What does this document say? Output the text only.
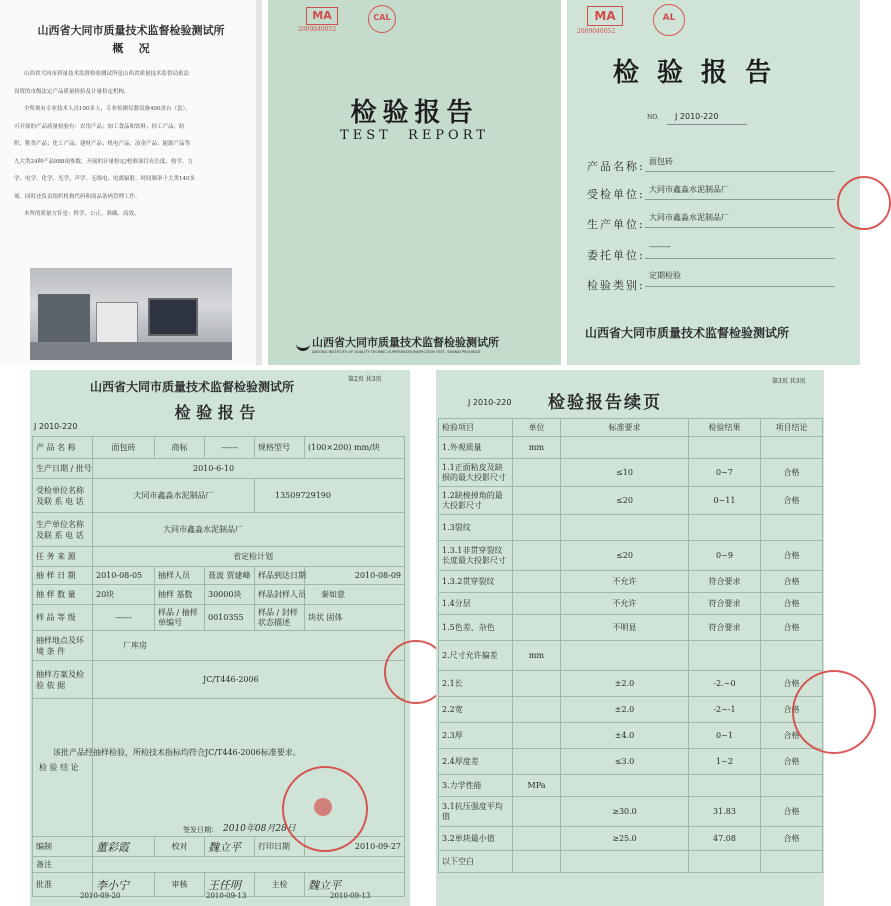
山西省大同市质量技术监督检验测试所
概    况
山西省大同市质量技术监督检验测试所是山西省质量技术监督局依法
设置的市级法定产品质量检验及计量检定机构。
全所现有专业技术人员100多人，专业检测仪器设备400余台（套），
可开展的产品质量检验有：农用产品；加工食品和饮料；轻工产品；纺
织、鞋类产品；化工产品；建材产品；机电产品；冶金产品；能源产品等
九大类24种产品988项参数。开展的计量检定/校准项目有长度、热学、力
学、电学、化学、光学、声学、无线电、电离辐射、时间频率十大类140多
项。同时还负责组织机构代码和商品条码管理工作。
本所的质量方针是：科学、公正、准确、高效。
MA
2009040052
CAL
检验报告
TEST  REPORT
山西省大同市质量技术监督检验测试所
DATONG INSTITUTE OF QUALITY TECHNIC SUPERVISION INSPECTION TEST, SHANXI PROVINCE
MA
2009040052
AL
检  验  报  告
NO. J 2010-220
产品名称: 面包砖
受检单位: 大同市鑫淼水泥制品厂
生产单位:
大同市鑫淼水泥制品厂
委托单位:
--------
检验类别:
定期检验
山西省大同市质量技术监督检验测试所
山西省大同市质量技术监督检验测试所
第2页 共3页
检 验 报 告
J 2010-220
产 品 名 称	面包砖	商标	------	规格型号	(100×200) mm/块
生产日期 / 批号	2010-6-10				
受检单位名称及联 系 电 话	大同市鑫淼水泥制品厂			13509729190	
生产单位名称及联 系 电 话	大同市鑫淼水泥制品厂				
任 务 来 源	省定检计划				
抽 样 日 期	2010-08-05	抽样人员	聂波 贾建峰	样品到达日期	2010-08-09
抽 样 数 量	20块	抽样 基数	30000块	样品封样人员	秦如意
样 品 等 级	------	样品 / 抽样单编号	0010355	样品 / 封样状态描述	块状 固体
抽样地点及环 境 条 件	厂库房				
抽样方案及检 验 依 据	JC/T446-2006				
检 验 结 论	该批产品经抽样检验，所检技术指标均符合JC/T446-2006标准要求。
签发日期： 2010年08月28日				

编制	董彩霞	校对	魏立平	打印日期	2010-09-27
备注					
批准	李小宁	审核	王任明	主检	魏立平
2010-09-20	2010-09-13	2010-09-13
J 2010-220 检验报告续页
第3页 共3页
检验项目	单位	标准要求	检验结果	项目结论
1.外观质量	mm			
1.1正面粘皮及缺损的最大投影尺寸		≤10	0~7	合格
1.2缺棱掉角的最大投影尺寸		≤20	0~11	合格
1.3裂纹				
1.3.1非贯穿裂纹长度最大投影尺寸		≤20	0~9	合格
1.3.2贯穿裂纹		不允许	符合要求	合格
1.4分层		不允许	符合要求	合格
1.5色差、杂色		不明显	符合要求	合格
2.尺寸允许偏差	mm			
2.1长		±2.0	-2.~0	合格
2.2宽		±2.0	-2~-1	合格
2.3厚		±4.0	0~1	合格
2.4厚度差		≤3.0	1~2	合格
3.力学性能	MPa			
3.1抗压强度平均值		≥30.0	31.83	合格
3.2单块最小值		≥25.0	47.08	合格
以下空白				
